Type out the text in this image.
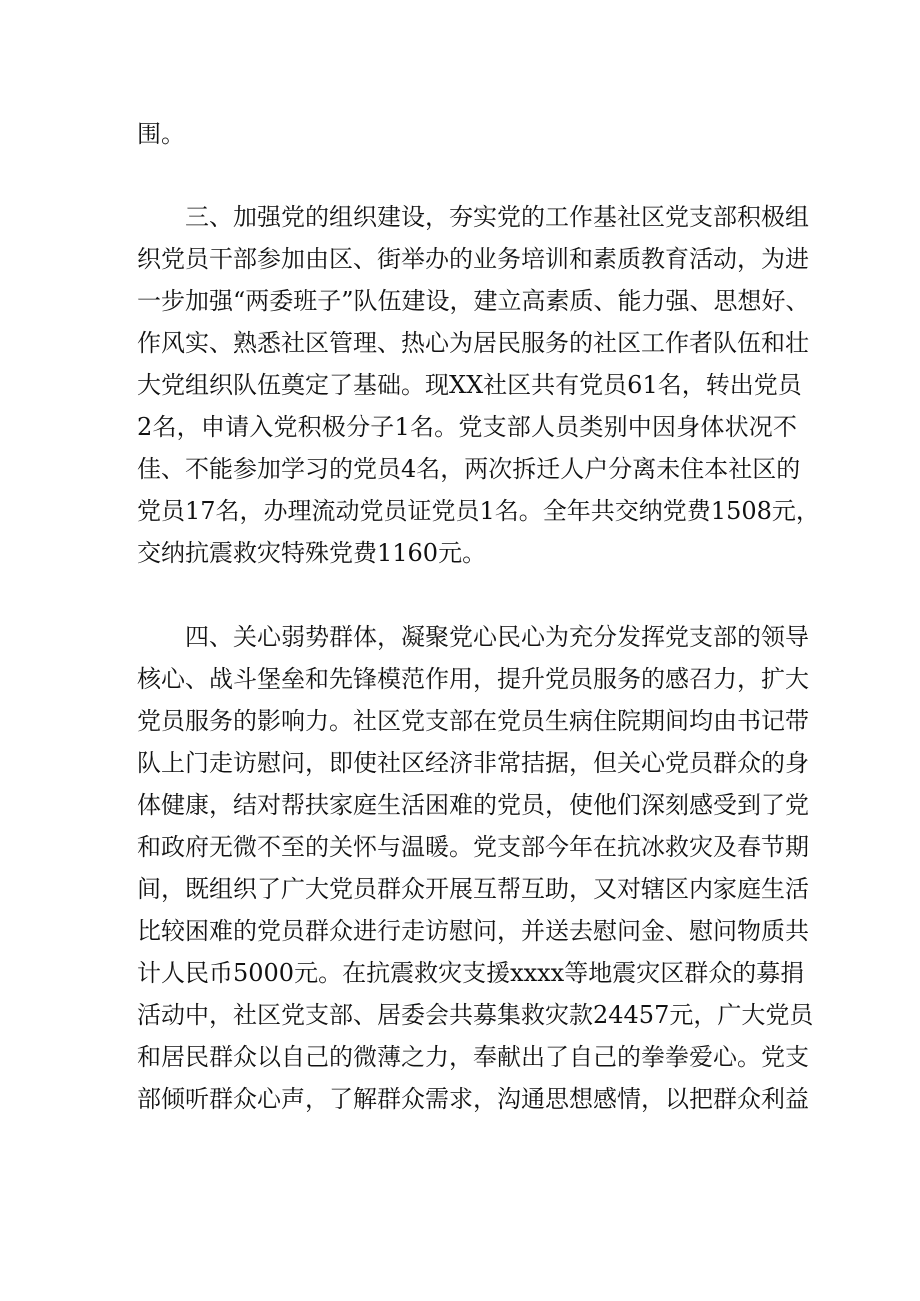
围。
三、加强党的组织建设，夯实党的工作基社区党支部积极组
织党员干部参加由区、街举办的业务培训和素质教育活动，为进
一步加强“两委班子”队伍建设，建立高素质、能力强、思想好、
作风实、熟悉社区管理、热心为居民服务的社区工作者队伍和壮
大党组织队伍奠定了基础。现XX社区共有党员61名，转出党员
2名，申请入党积极分子1名。党支部人员类别中因身体状况不
佳、不能参加学习的党员4名，两次拆迁人户分离未住本社区的
党员17名，办理流动党员证党员1名。全年共交纳党费1508元，
交纳抗震救灾特殊党费1160元。
四、关心弱势群体，凝聚党心民心为充分发挥党支部的领导
核心、战斗堡垒和先锋模范作用，提升党员服务的感召力，扩大
党员服务的影响力。社区党支部在党员生病住院期间均由书记带
队上门走访慰问，即使社区经济非常拮据，但关心党员群众的身
体健康，结对帮扶家庭生活困难的党员，使他们深刻感受到了党
和政府无微不至的关怀与温暖。党支部今年在抗冰救灾及春节期
间，既组织了广大党员群众开展互帮互助，又对辖区内家庭生活
比较困难的党员群众进行走访慰问，并送去慰问金、慰问物质共
计人民币5000元。在抗震救灾支援xxxx等地震灾区群众的募捐
活动中，社区党支部、居委会共募集救灾款24457元，广大党员
和居民群众以自己的微薄之力，奉献出了自己的拳拳爱心。党支
部倾听群众心声，了解群众需求，沟通思想感情，以把群众利益
